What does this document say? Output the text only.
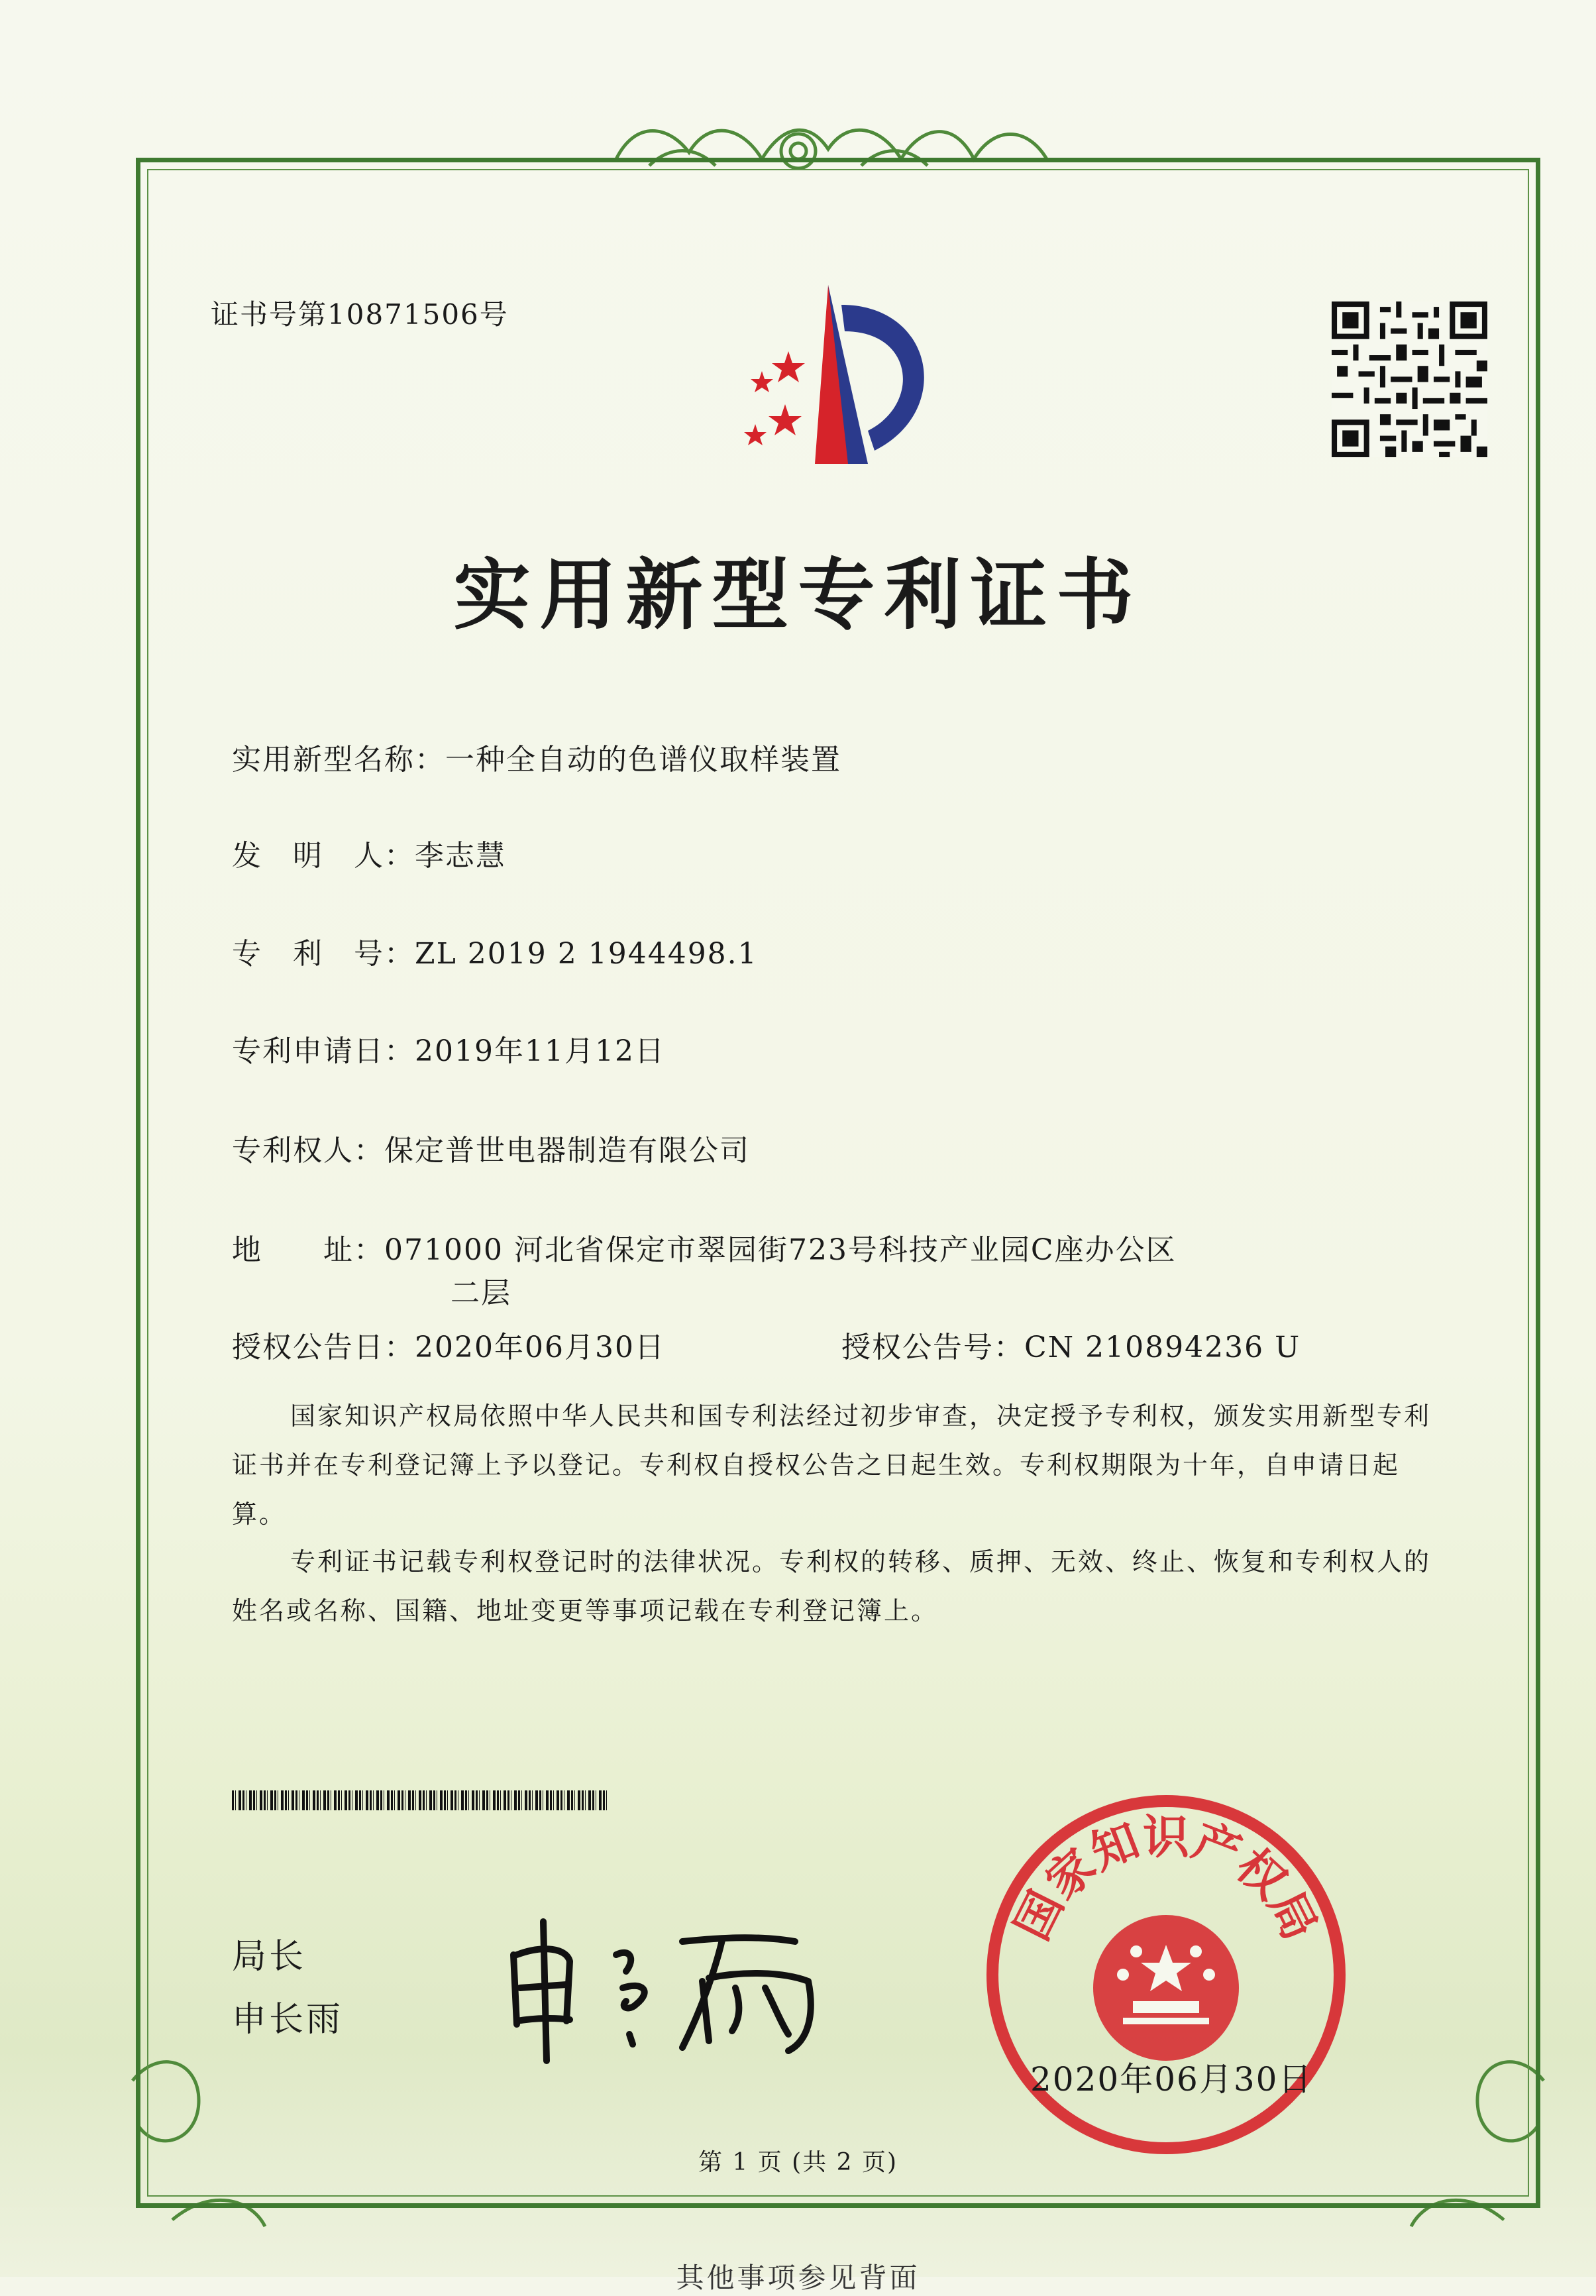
证书号第10871506号
实用新型专利证书
实用新型名称：一种全自动的色谱仪取样装置
发　明　人：李志慧
专　利　号：ZL 2019 2 1944498.1
专利申请日：2019年11月12日
专利权人：保定普世电器制造有限公司
地　　址：071000 河北省保定市翠园街723号科技产业园C座办公区
二层
授权公告日：2020年06月30日	授权公告号：CN 210894236 U
国家知识产权局依照中华人民共和国专利法经过初步审查，决定授予专利权，颁发实用新型专利证书并在专利登记簿上予以登记。专利权自授权公告之日起生效。专利权期限为十年，自申请日起算。
专利证书记载专利权登记时的法律状况。专利权的转移、质押、无效、终止、恢复和专利权人的姓名或名称、国籍、地址变更等事项记载在专利登记簿上。
局长
申长雨
国家知识产权局
2020年06月30日
第 1 页 (共 2 页)
其他事项参见背面
